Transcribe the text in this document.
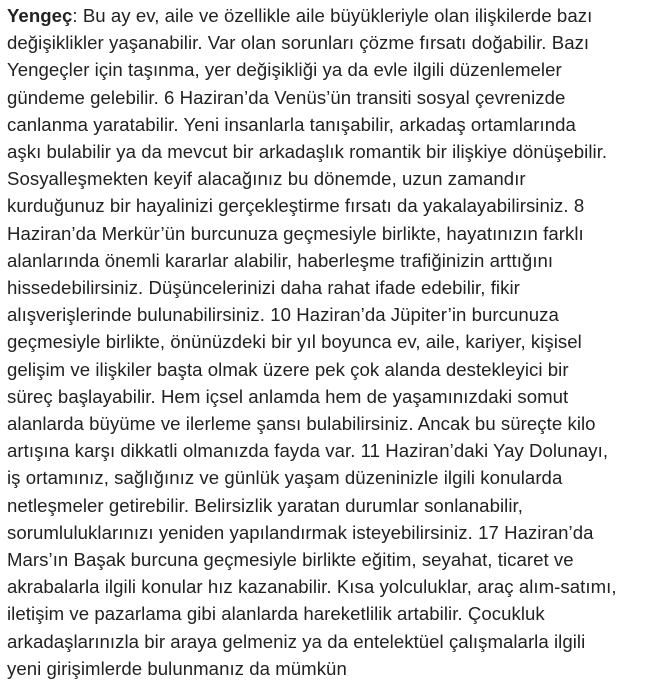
Yengeç: Bu ay ev, aile ve özellikle aile büyükleriyle olan ilişkilerde bazı
değişiklikler yaşanabilir. Var olan sorunları çözme fırsatı doğabilir. Bazı
Yengeçler için taşınma, yer değişikliği ya da evle ilgili düzenlemeler
gündeme gelebilir. 6 Haziran’da Venüs’ün transiti sosyal çevrenizde
canlanma yaratabilir. Yeni insanlarla tanışabilir, arkadaş ortamlarında
aşkı bulabilir ya da mevcut bir arkadaşlık romantik bir ilişkiye dönüşebilir.
Sosyalleşmekten keyif alacağınız bu dönemde, uzun zamandır
kurduğunuz bir hayalinizi gerçekleştirme fırsatı da yakalayabilirsiniz. 8
Haziran’da Merkür’ün burcunuza geçmesiyle birlikte, hayatınızın farklı
alanlarında önemli kararlar alabilir, haberleşme trafiğinizin arttığını
hissedebilirsiniz. Düşüncelerinizi daha rahat ifade edebilir, fikir
alışverişlerinde bulunabilirsiniz. 10 Haziran’da Jüpiter’in burcunuza
geçmesiyle birlikte, önünüzdeki bir yıl boyunca ev, aile, kariyer, kişisel
gelişim ve ilişkiler başta olmak üzere pek çok alanda destekleyici bir
süreç başlayabilir. Hem içsel anlamda hem de yaşamınızdaki somut
alanlarda büyüme ve ilerleme şansı bulabilirsiniz. Ancak bu süreçte kilo
artışına karşı dikkatli olmanızda fayda var. 11 Haziran’daki Yay Dolunayı,
iş ortamınız, sağlığınız ve günlük yaşam düzeninizle ilgili konularda
netleşmeler getirebilir. Belirsizlik yaratan durumlar sonlanabilir,
sorumluluklarınızı yeniden yapılandırmak isteyebilirsiniz. 17 Haziran’da
Mars’ın Başak burcuna geçmesiyle birlikte eğitim, seyahat, ticaret ve
akrabalarla ilgili konular hız kazanabilir. Kısa yolculuklar, araç alım-satımı,
iletişim ve pazarlama gibi alanlarda hareketlilik artabilir. Çocukluk
arkadaşlarınızla bir araya gelmeniz ya da entelektüel çalışmalarla ilgili
yeni girişimlerde bulunmanız da mümkün
